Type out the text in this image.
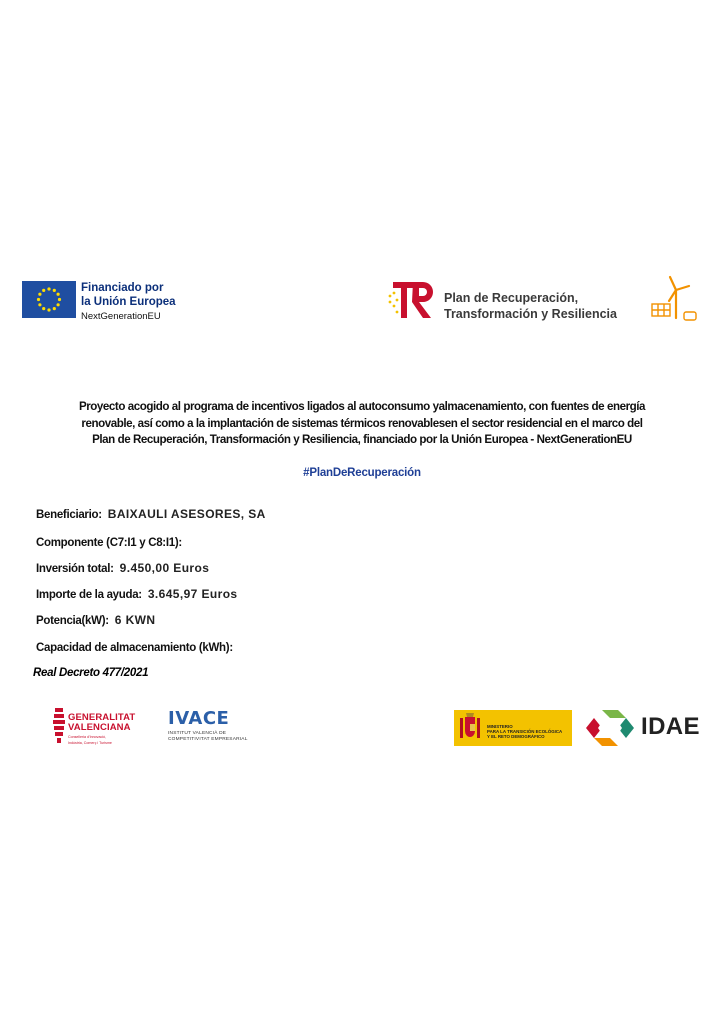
Financiado por
la Unión Europea
NextGenerationEU
Plan de Recuperación,
Transformación y Resiliencia
Proyecto acogido al programa de incentivos ligados al autoconsumo yalmacenamiento, con fuentes de energía
renovable, así como a la implantación de sistemas térmicos renovablesen el sector residencial en el marco del
Plan de Recuperación, Transformación y Resiliencia, financiado por la Unión Europea - NextGenerationEU
#PlanDeRecuperación
Beneficiario: BAIXAULI ASESORES, SA
Componente (C7:I1 y C8:I1):
Inversión total: 9.450,00 Euros
Importe de la ayuda: 3.645,97 Euros
Potencia(kW): 6 KWN
Capacidad de almacenamiento (kWh):
Real Decreto 477/2021
GENERALITAT
VALENCIANA
Conselleria d'Innovació,
Indústria, Comerç i Turisme
IVACE
INSTITUT VALENCIÀ DE
COMPETITIVITAT EMPRESARIAL
MINISTERIO
PARA LA TRANSICIÓN ECOLÓGICA
Y EL RETO DEMOGRÁFICO	IDAE
